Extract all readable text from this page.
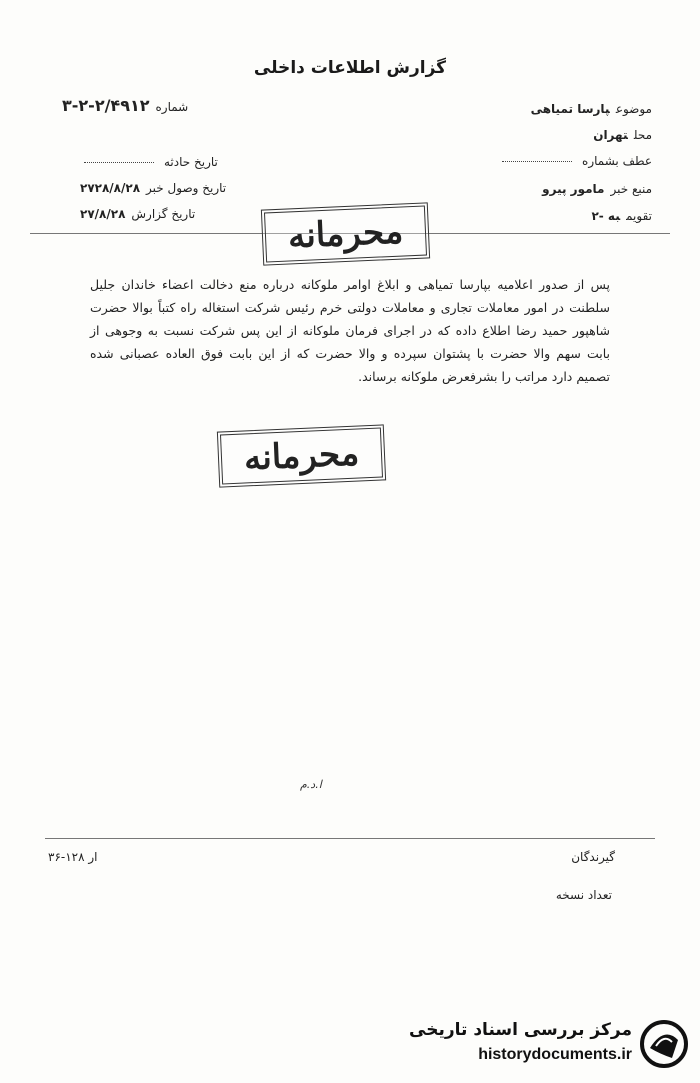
گزارش اطلاعات داخلی
موضوعپارسا تمیاهی
محلتهران
عطف بشماره
منبع خبرمامور پیرو
تقویمبه -۲
شماره۲/۴۹۱۲-۲-۳
تاریخ حادثه
تاریخ وصول خبر۲۷۲۸/۸/۲۸
تاریخ گزارش۲۷/۸/۲۸	محرمانه
پس از صدور اعلامیه بپارسا تمیاهی و ابلاغ اوامر ملوکانه درباره منع دخالت اعضاء خاندان جلیل سلطنت در امور معاملات تجاری و معاملات دولتی خرم رئیس شرکت استغاله راه کتباً بوالا حضرت شاهپور حمید رضا اطلاع داده که در اجرای فرمان ملوکانه از این پس شرکت نسبت به وجوهی از بابت سهم والا حضرت با پشتوان سپرده و والا حضرت که از این بابت فوق العاده عصبانی شده تصمیم دارد مراتب را بشرفعرض ملوکانه برساند.
محرمانه
ا.د.م
۳۶-۱۲۸ ار	گیرندگان
تعداد نسخه
مرکز بررسی اسناد تاریخی
historydocuments.ir
